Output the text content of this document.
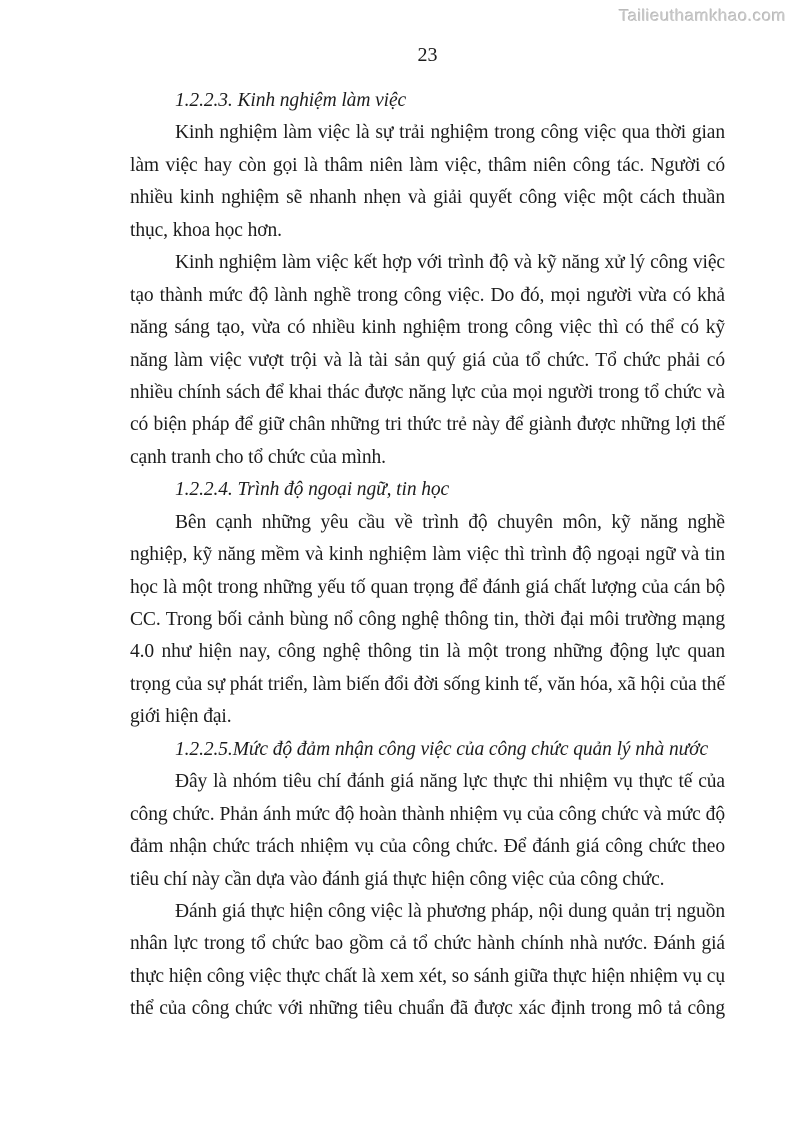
Tailieuthamkhao.com
23

1.2.2.3. Kinh nghiệm làm việc

Kinh nghiệm làm việc là sự trải nghiệm trong công việc qua thời gian làm việc hay còn gọi là thâm niên làm việc, thâm niên công tác. Người có nhiều kinh nghiệm sẽ nhanh nhẹn và giải quyết công việc một cách thuần thục, khoa học hơn.

Kinh nghiệm làm việc kết hợp với trình độ và kỹ năng xử lý công việc tạo thành mức độ lành nghề trong công việc. Do đó, mọi người vừa có khả năng sáng tạo, vừa có nhiều kinh nghiệm trong công việc thì có thể có kỹ năng làm việc vượt trội và là tài sản quý giá của tổ chức. Tổ chức phải có nhiều chính sách để khai thác được năng lực của mọi người trong tổ chức và có biện pháp để giữ chân những tri thức trẻ này để giành được những lợi thế cạnh tranh cho tổ chức của mình.

1.2.2.4. Trình độ ngoại ngữ, tin học

Bên cạnh những yêu cầu về trình độ chuyên môn, kỹ năng nghề nghiệp, kỹ năng mềm và kinh nghiệm làm việc thì trình độ ngoại ngữ và tin học là một trong những yếu tố quan trọng để đánh giá chất lượng của cán bộ CC. Trong bối cảnh bùng nổ công nghệ thông tin, thời đại môi trường mạng 4.0 như hiện nay, công nghệ thông tin là một trong những động lực quan trọng của sự phát triển, làm biến đổi đời sống kinh tế, văn hóa, xã hội của thế giới hiện đại.

1.2.2.5.Mức độ đảm nhận công việc của công chức quản lý nhà nước

Đây là nhóm tiêu chí đánh giá năng lực thực thi nhiệm vụ thực tế của công chức. Phản ánh mức độ hoàn thành nhiệm vụ của công chức và mức độ đảm nhận chức trách nhiệm vụ của công chức. Để đánh giá công chức theo tiêu chí này cần dựa vào đánh giá thực hiện công việc của công chức.

Đánh giá thực hiện công việc là phương pháp, nội dung quản trị nguồn nhân lực trong tổ chức bao gồm cả tổ chức hành chính nhà nước. Đánh giá thực hiện công việc thực chất là xem xét, so sánh giữa thực hiện nhiệm vụ cụ thể của công chức với những tiêu chuẩn đã được xác định trong mô tả công
